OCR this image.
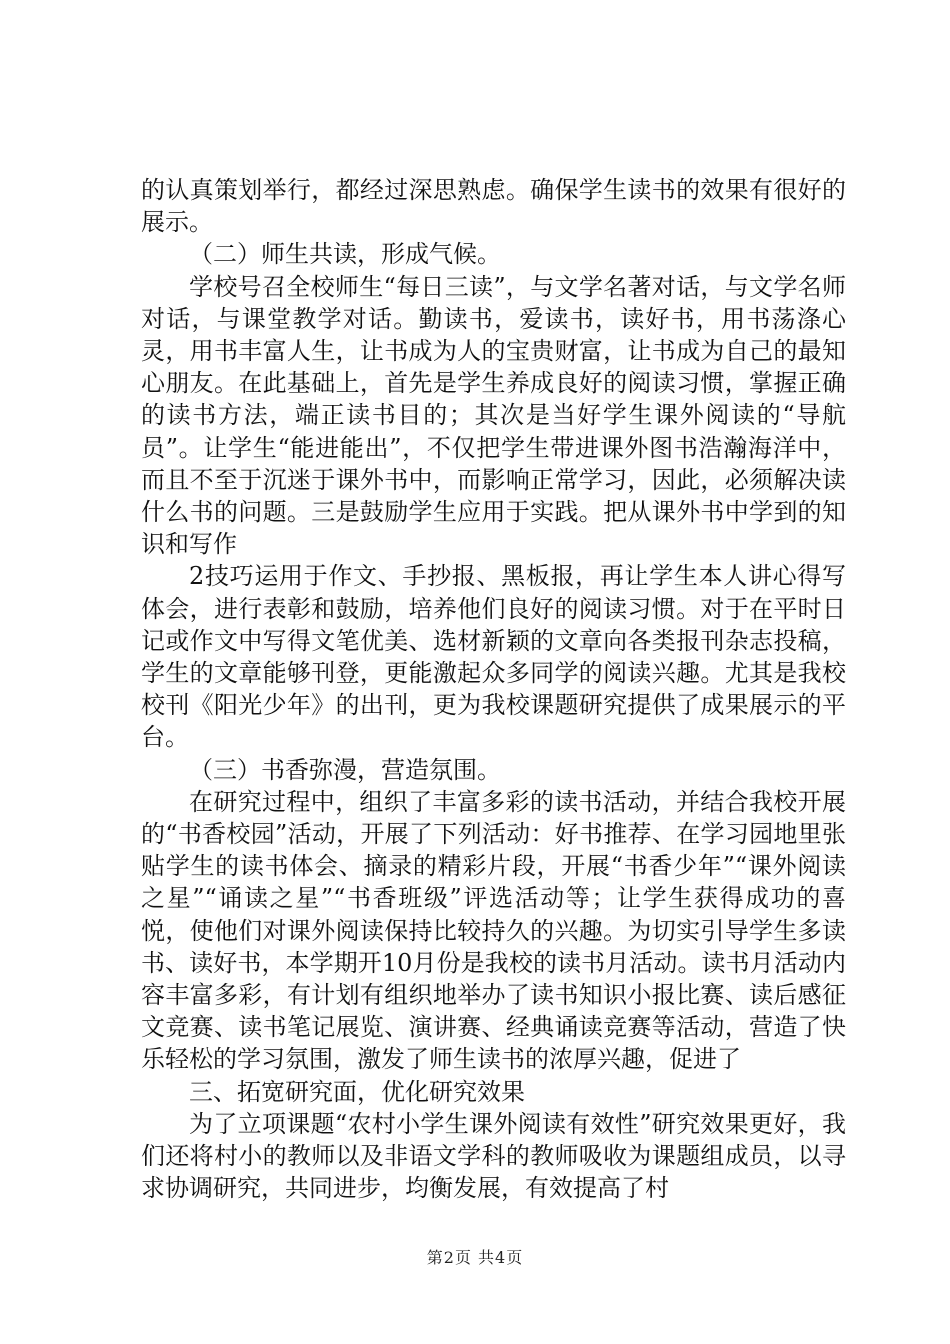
的认真策划举行，都经过深思熟虑。确保学生读书的效果有很好的展示。

（二）师生共读，形成气候。

学校号召全校师生“每日三读”，与文学名著对话，与文学名师对话，与课堂教学对话。勤读书，爱读书，读好书，用书荡涤心灵，用书丰富人生，让书成为人的宝贵财富，让书成为自己的最知心朋友。在此基础上，首先是学生养成良好的阅读习惯，掌握正确的读书方法，端正读书目的；其次是当好学生课外阅读的“导航员”。让学生“能进能出”，不仅把学生带进课外图书浩瀚海洋中，而且不至于沉迷于课外书中，而影响正常学习，因此，必须解决读什么书的问题。三是鼓励学生应用于实践。把从课外书中学到的知识和写作

2技巧运用于作文、手抄报、黑板报，再让学生本人讲心得写体会，进行表彰和鼓励，培养他们良好的阅读习惯。对于在平时日记或作文中写得文笔优美、选材新颖的文章向各类报刊杂志投稿，学生的文章能够刊登，更能激起众多同学的阅读兴趣。尤其是我校校刊《阳光少年》的出刊，更为我校课题研究提供了成果展示的平台。

（三）书香弥漫，营造氛围。

在研究过程中，组织了丰富多彩的读书活动，并结合我校开展的“书香校园”活动，开展了下列活动：好书推荐、在学习园地里张贴学生的读书体会、摘录的精彩片段，开展“书香少年”“课外阅读之星”“诵读之星”“书香班级”评选活动等；让学生获得成功的喜悦，使他们对课外阅读保持比较持久的兴趣。为切实引导学生多读书、读好书，本学期开10月份是我校的读书月活动。读书月活动内容丰富多彩，有计划有组织地举办了读书知识小报比赛、读后感征文竞赛、读书笔记展览、演讲赛、经典诵读竞赛等活动，营造了快乐轻松的学习氛围，激发了师生读书的浓厚兴趣，促进了

三、拓宽研究面，优化研究效果

为了立项课题“农村小学生课外阅读有效性”研究效果更好，我们还将村小的教师以及非语文学科的教师吸收为课题组成员，以寻求协调研究，共同进步，均衡发展，有效提高了村

第2页 共4页
